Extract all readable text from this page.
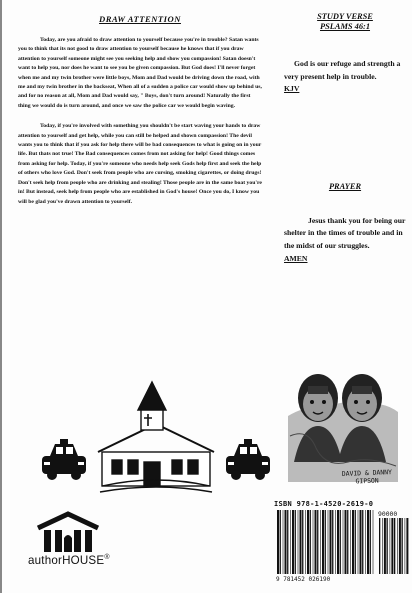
DRAW ATTENTION

Today, are you afraid to draw attention to yourself because you're in trouble? Satan wants you to think that its not good to draw attention to yourself because he knows that if you draw attention to yourself someone might see you seeking help and show you compassion! Satan doesn't want to help you, nor does he want to see you be given compassion. But God does! I'll never forget when me and my twin brother were little boys, Mom and Dad would be driving down the road, with me and my twin brother in the backseat, When all of a sudden a police car would show up behind us, and for no reason at all, Mom and Dad would say, " Boys, don't turn around! Naturally the first thing we would do is turn around, and once we saw the police car we would begin waving.

Today, if you're involved with something you shouldn't be start waving your hands to draw attention to yourself and get help, while you can still be helped and shown compassion! The devil wants you to think that if you ask for help there will be bad consequences to what is going on in your life. But thats not true! The Bad consequences comes from not asking for help! Good things comes from asking for help. Today, if you're someone who needs help seek Gods help first and seek the help of others who love God. Don't seek from people who are cursing, smoking cigarettes, or doing drugs! Don't seek help from people who are drinking and stealing! Those people are in the same boat you're in! But instead, seek help from people who are established in God's house! Once you do, I know you will be glad you've drawn attention to yourself.

STUDY VERSE
PSLAMS 46:1
God is our refuge and strength a very present help in trouble.
KJV
PRAYER
Jesus thank you for being our shelter in the times of trouble and in the midst of our struggles.
AMEN
DAVID & DANNY
GIPSON
ISBN 978-1-4520-2619-0
90000
9 781452 026190
authorHOUSE®
